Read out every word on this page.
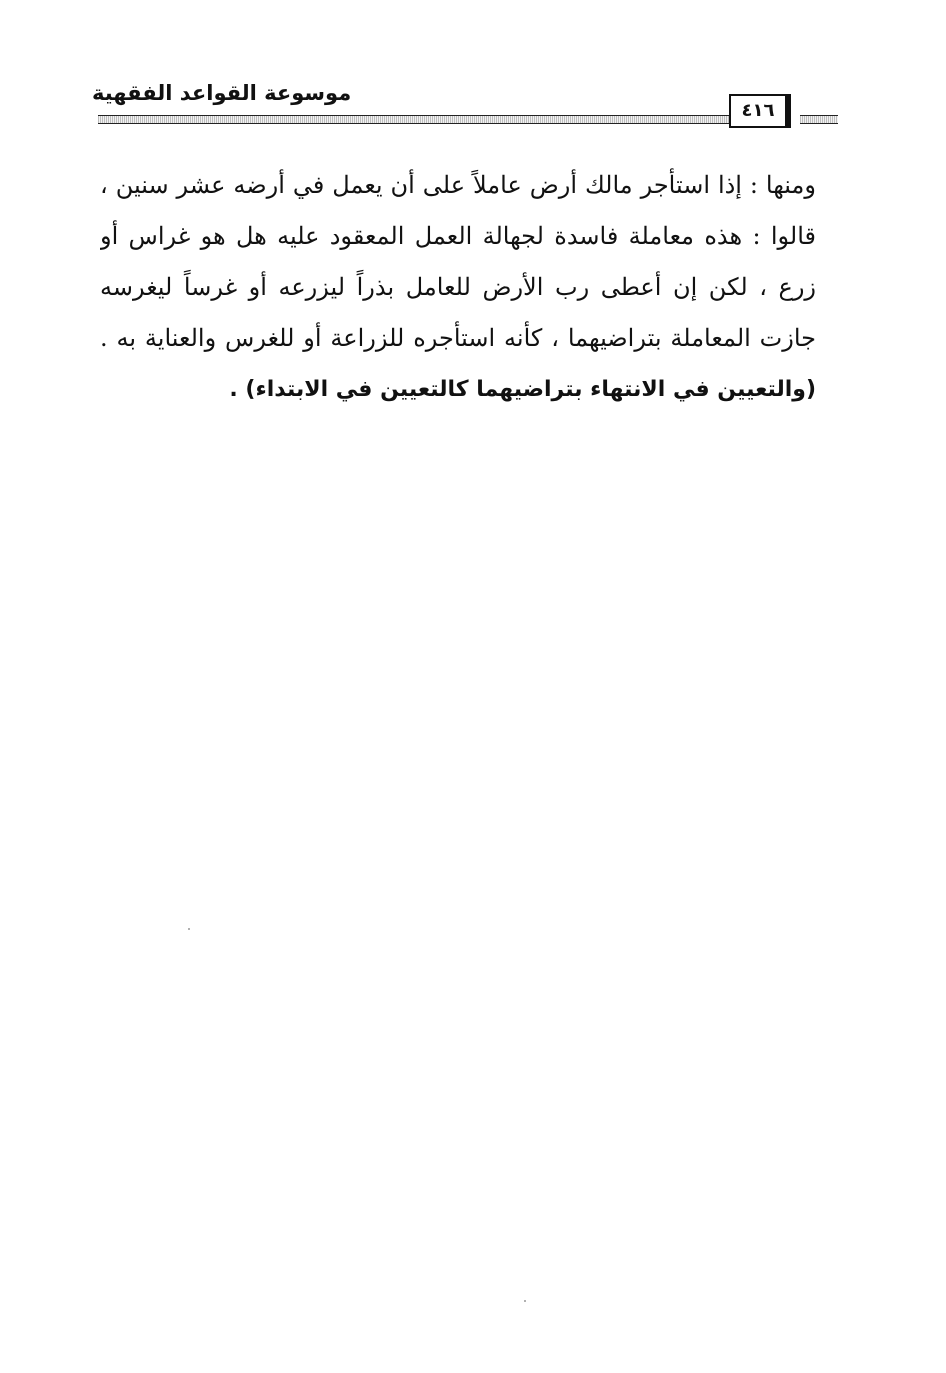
موسوعة القواعد الفقهية
٤١٦
ومنها : إذا استأجر مالك أرض عاملاً على أن يعمل في أرضه عشر سنين ،
قالوا : هذه معاملة فاسدة لجهالة العمل المعقود عليه هل هو غراس أو
زرع ، لكن إن أعطى رب الأرض للعامل بذراً ليزرعه أو غرساً ليغرسه
جازت المعاملة بتراضيهما ، كأنه استأجره للزراعة أو للغرس والعناية به .
(والتعيين في الانتهاء بتراضيهما كالتعيين في الابتداء) .
